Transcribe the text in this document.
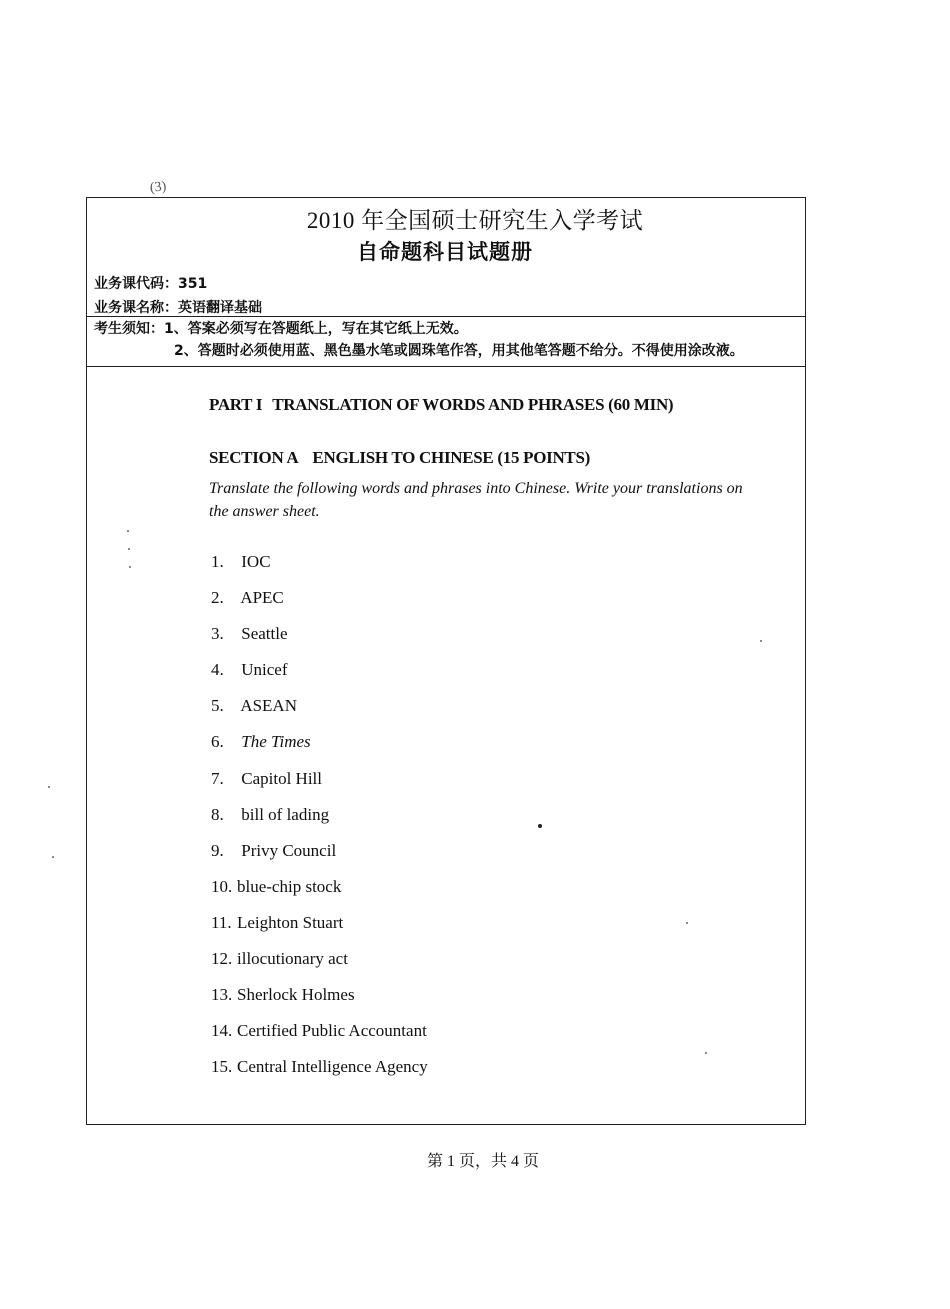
(3)
2010 年全国硕士研究生入学考试
自命题科目试题册
业务课代码：351
业务课名称：英语翻译基础
考生须知：1、答案必须写在答题纸上，写在其它纸上无效。
2、答题时必须使用蓝、黑色墨水笔或圆珠笔作答，用其他笔答题不给分。不得使用涂改液。
PART I TRANSLATION OF WORDS AND PHRASES (60 MIN)
SECTION A ENGLISH TO CHINESE (15 POINTS)
Translate the following words and phrases into Chinese. Write your translations on the answer sheet.
1. IOC
2. APEC
3. Seattle
4. Unicef
5. ASEAN
6. The Times
7. Capitol Hill
8. bill of lading
9. Privy Council
10. blue-chip stock
11. Leighton Stuart
12. illocutionary act
13. Sherlock Holmes
14. Certified Public Accountant
15. Central Intelligence Agency
第 1 页，共 4 页
